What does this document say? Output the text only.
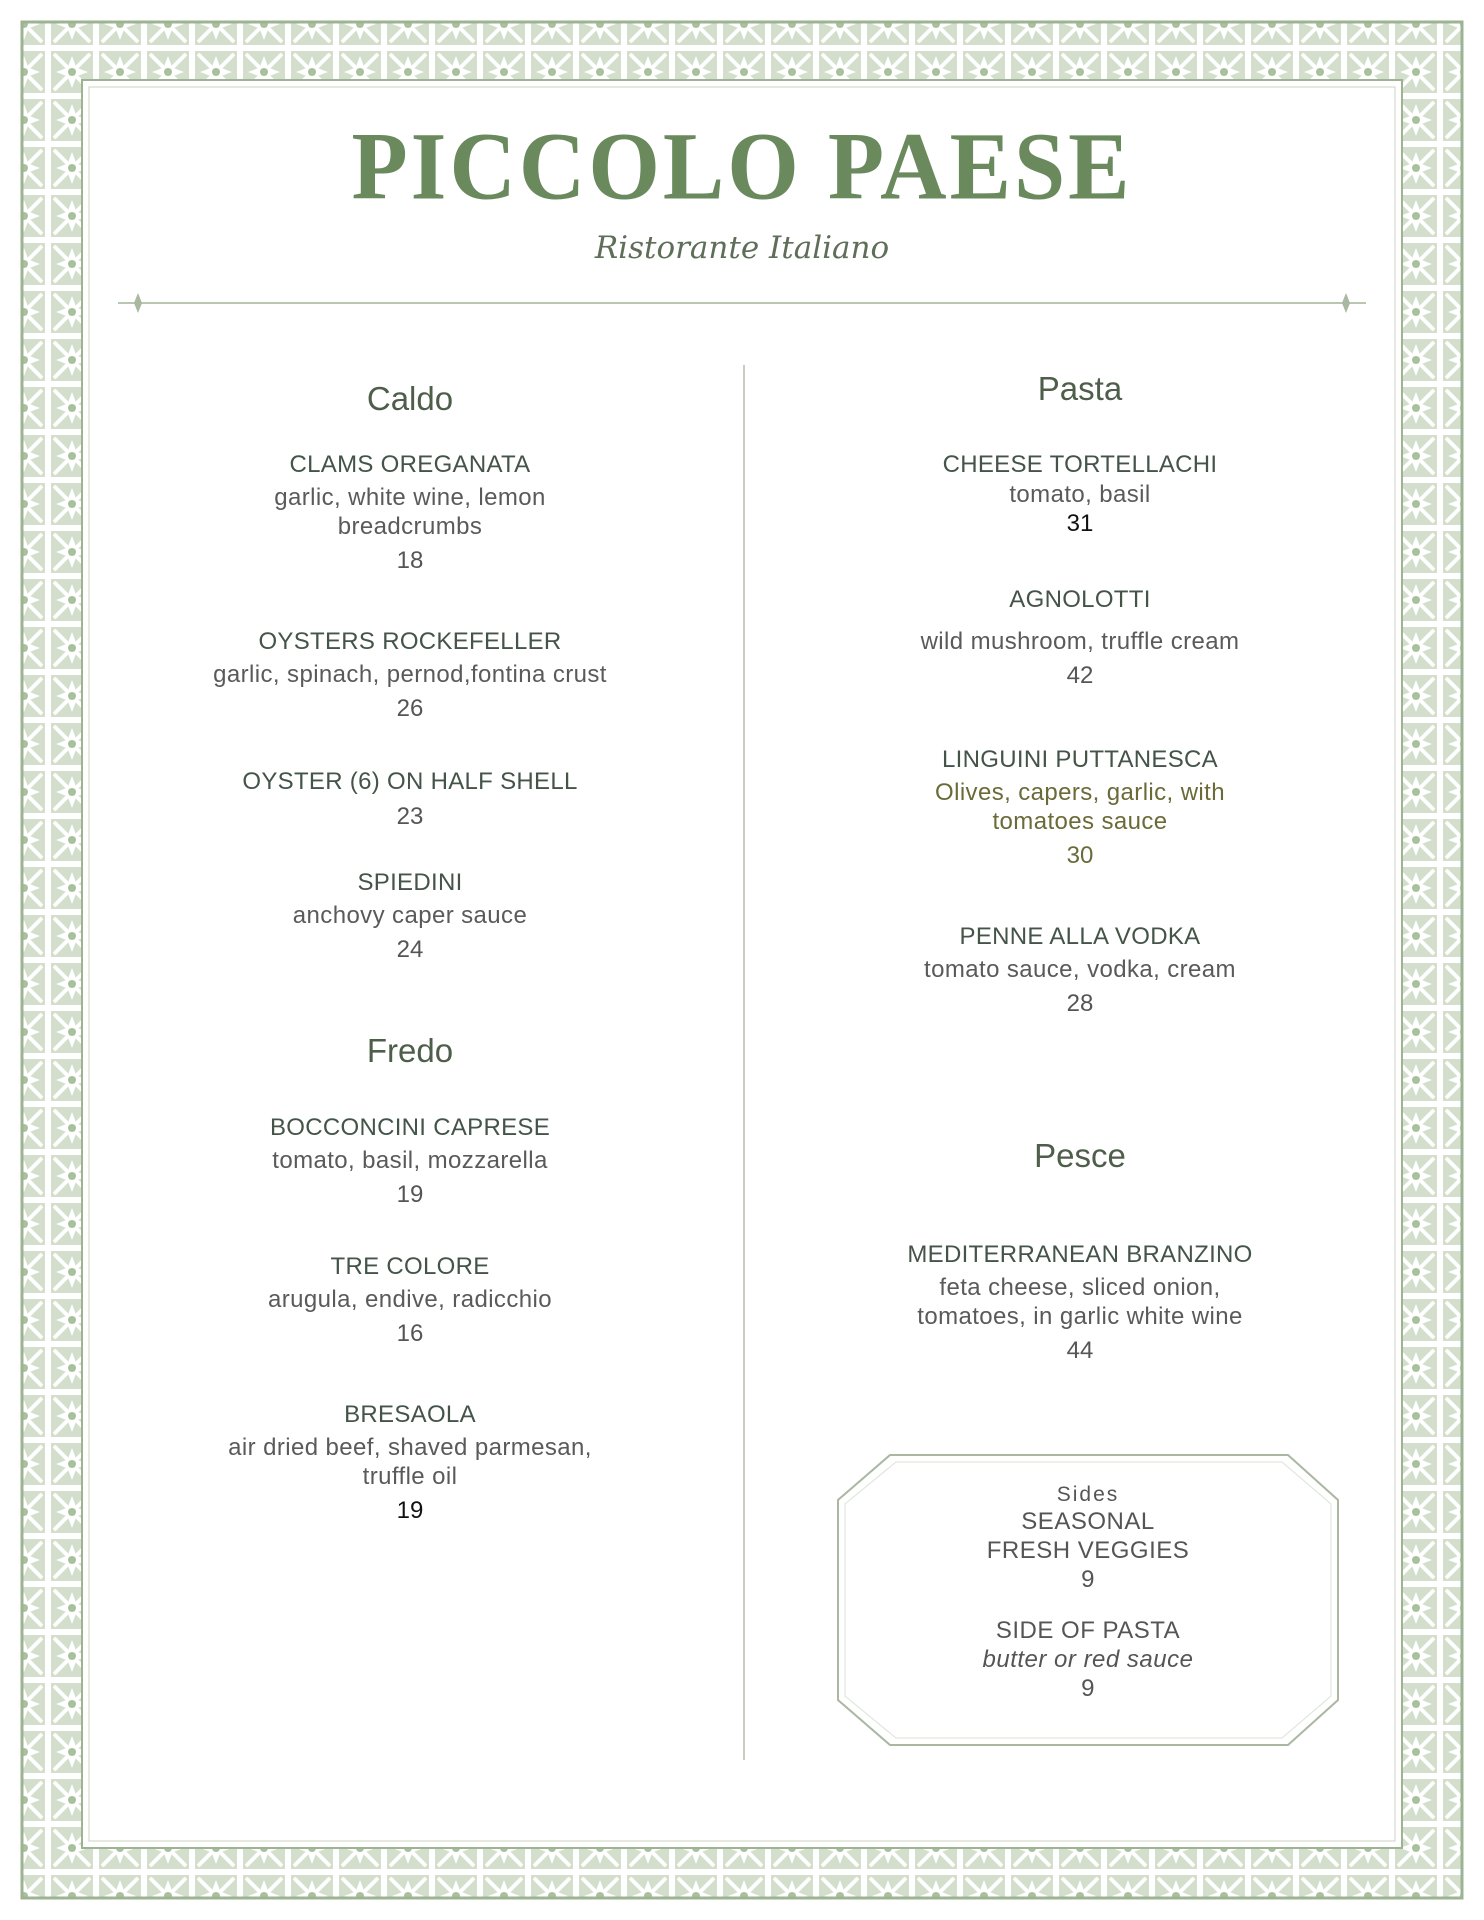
PICCOLO PAESE
Ristorante Italiano
Caldo
CLAMS OREGANATA
garlic, white wine, lemon
breadcrumbs
18
OYSTERS ROCKEFELLER
garlic, spinach, pernod,fontina crust
26
OYSTER (6) ON HALF SHELL
23
SPIEDINI
anchovy caper sauce
24
Fredo
BOCCONCINI CAPRESE
tomato, basil, mozzarella
19
TRE COLORE
arugula, endive, radicchio
16
BRESAOLA
air dried beef, shaved parmesan,
truffle oil
19
Pasta
CHEESE TORTELLACHI
tomato, basil
31
AGNOLOTTI
wild mushroom, truffle cream
42
LINGUINI PUTTANESCA
Olives, capers, garlic, with
tomatoes sauce
30
PENNE ALLA VODKA
tomato sauce, vodka, cream
28
Pesce
MEDITERRANEAN BRANZINO
feta cheese, sliced onion,
tomatoes, in garlic white wine
44
Sides
SEASONAL
FRESH VEGGIES
9
SIDE OF PASTA
butter or red sauce
9
